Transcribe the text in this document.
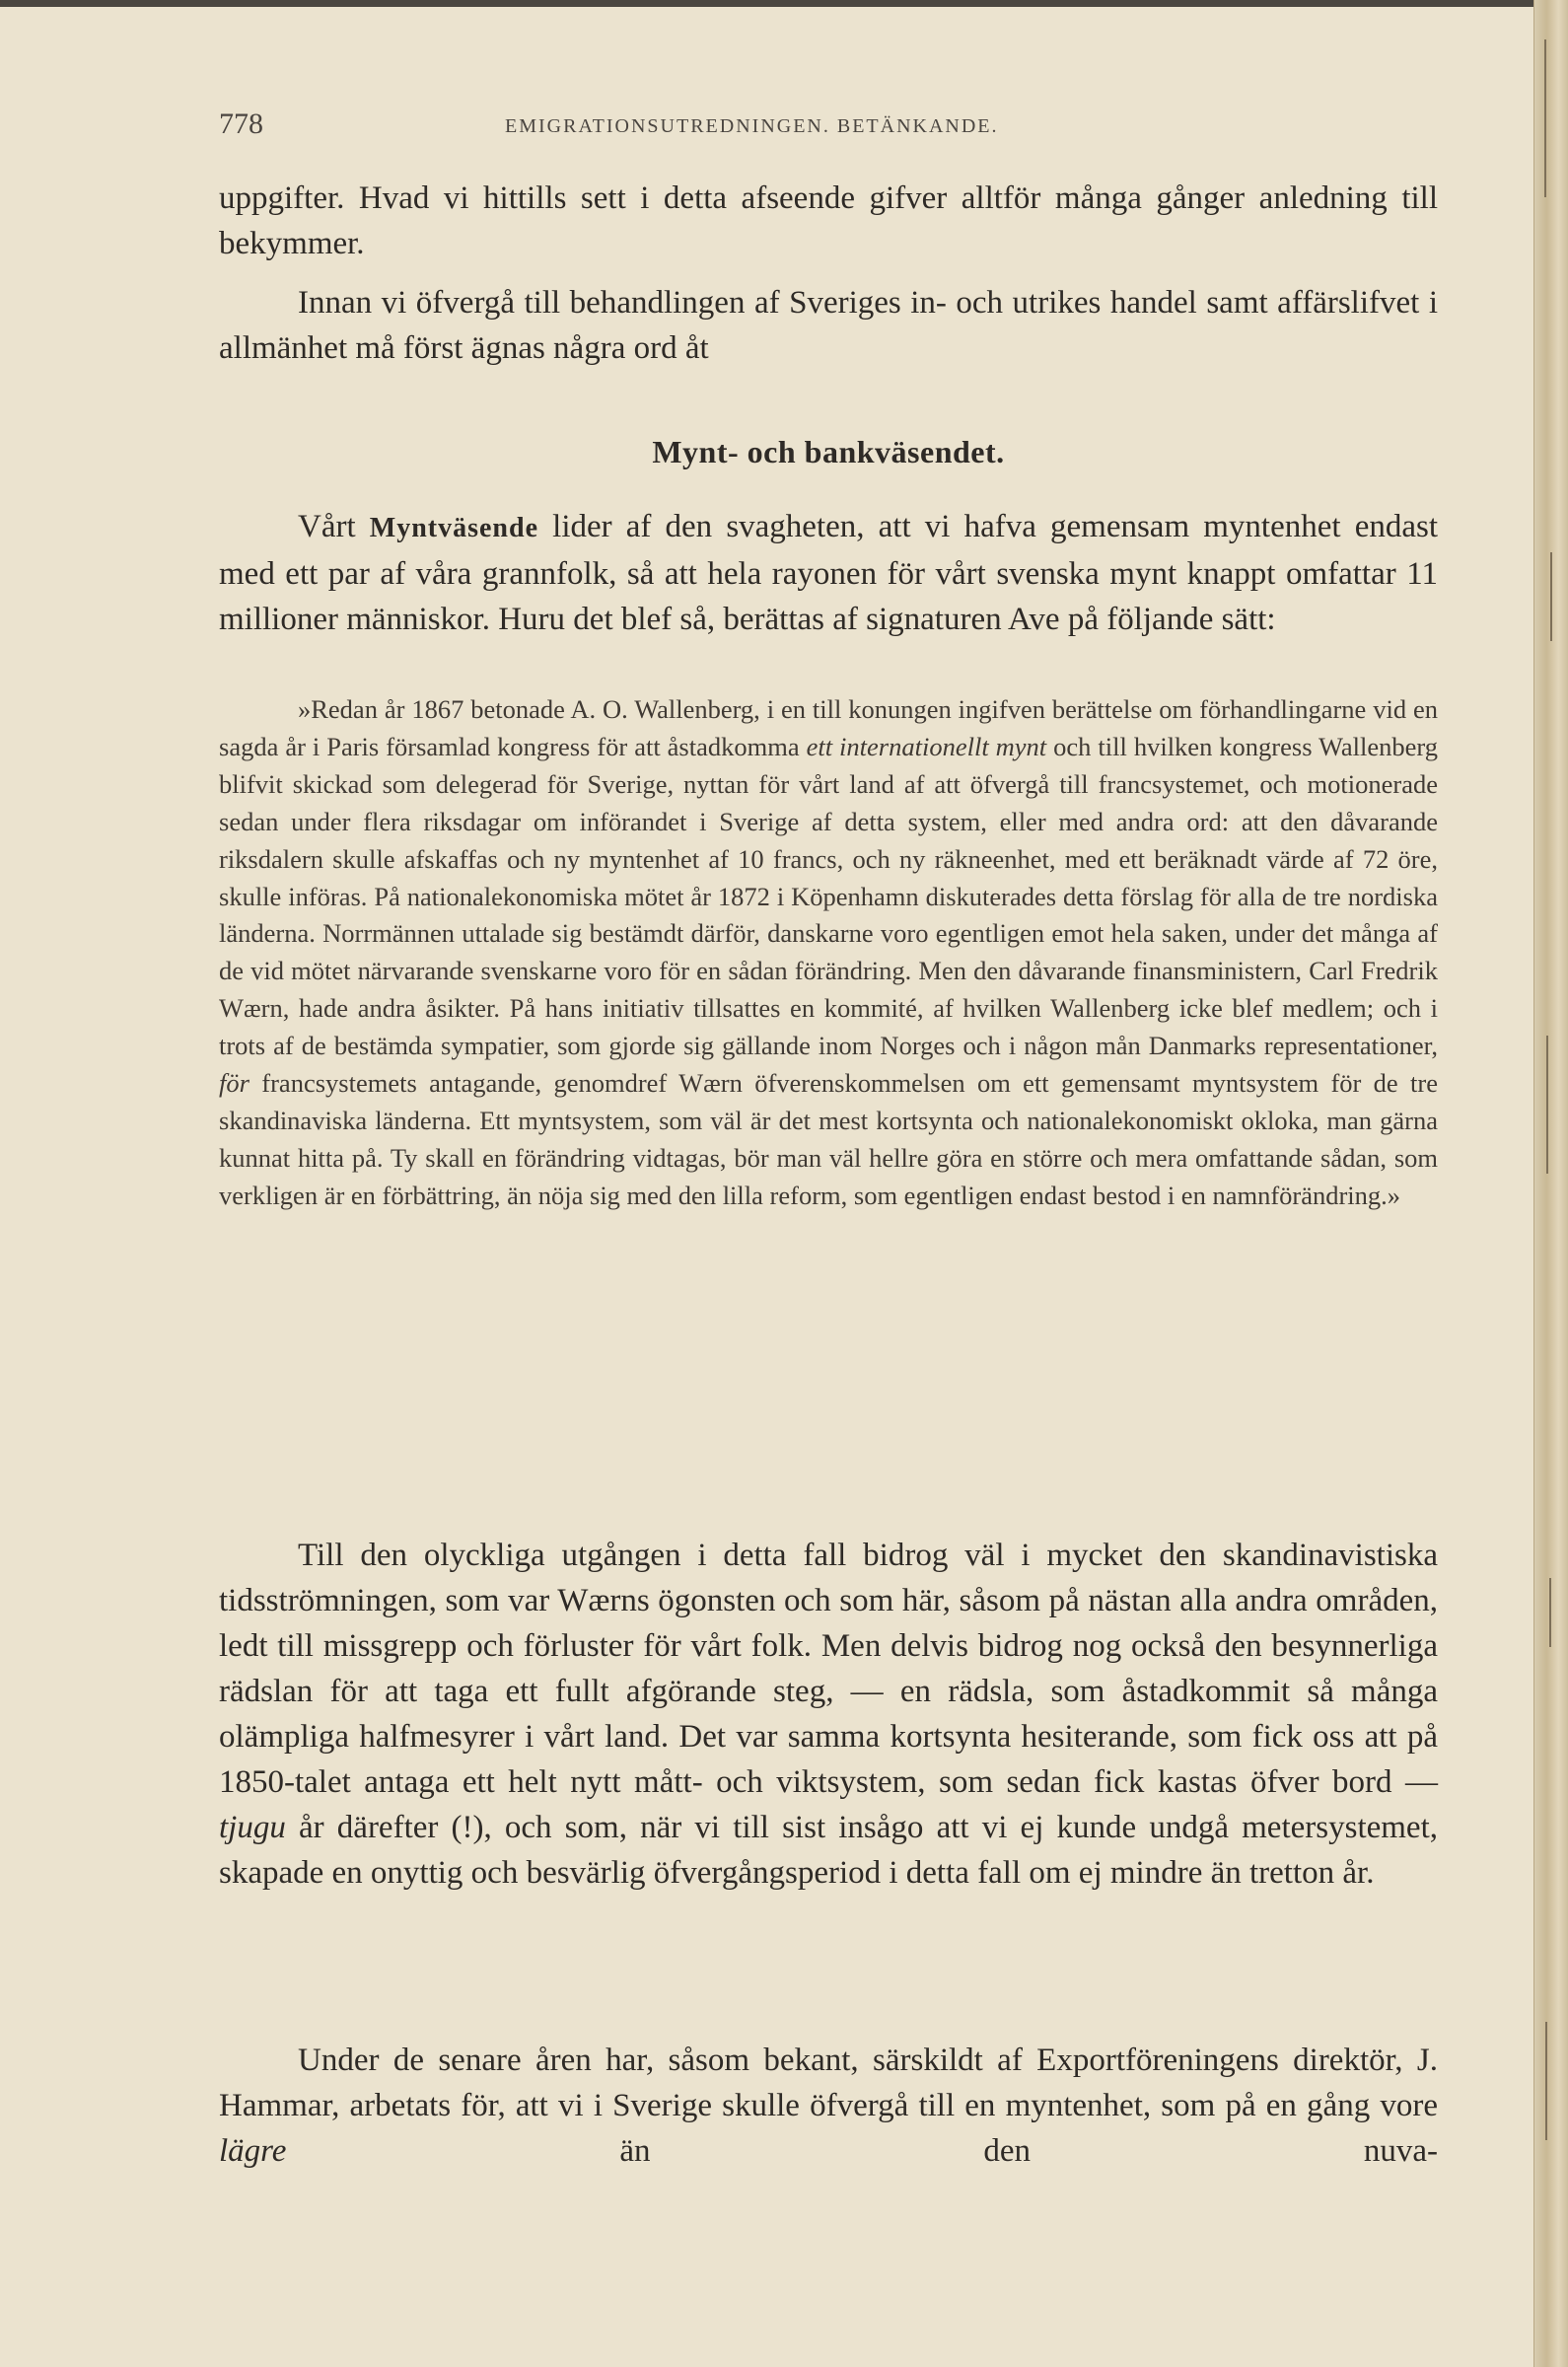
778	EMIGRATIONSUTREDNINGEN. BETÄNKANDE.

uppgifter. Hvad vi hittills sett i detta afseende gifver alltför många gånger anledning till bekymmer.

Innan vi öfvergå till behandlingen af Sveriges in- och utrikes handel samt affärslifvet i allmänhet må först ägnas några ord åt

Mynt- och bankväsendet.

Vårt Myntväsende lider af den svagheten, att vi hafva gemensam myntenhet endast med ett par af våra grannfolk, så att hela rayonen för vårt svenska mynt knappt omfattar 11 millioner människor. Huru det blef så, berättas af signaturen Ave på följande sätt:

»Redan år 1867 betonade A. O. Wallenberg, i en till konungen ingifven berättelse om förhandlingarne vid en sagda år i Paris församlad kongress för att åstadkomma ett internationellt mynt och till hvilken kongress Wallenberg blifvit skickad som delegerad för Sverige, nyttan för vårt land af att öfvergå till francsystemet, och motionerade sedan under flera riksdagar om införandet i Sverige af detta system, eller med andra ord: att den dåvarande riksdalern skulle afskaffas och ny myntenhet af 10 francs, och ny räkneenhet, med ett beräknadt värde af 72 öre, skulle införas. På nationalekonomiska mötet år 1872 i Köpenhamn diskuterades detta förslag för alla de tre nordiska länderna. Norrmännen uttalade sig bestämdt därför, danskarne voro egentligen emot hela saken, under det många af de vid mötet närvarande svenskarne voro för en sådan förändring. Men den dåvarande finansministern, Carl Fredrik Wærn, hade andra åsikter. På hans initiativ tillsattes en kommité, af hvilken Wallenberg icke blef medlem; och i trots af de bestämda sympatier, som gjorde sig gällande inom Norges och i någon mån Danmarks representationer, för francsystemets antagande, genomdref Wærn öfverenskommelsen om ett gemensamt myntsystem för de tre skandinaviska länderna. Ett myntsystem, som väl är det mest kortsynta och nationalekonomiskt okloka, man gärna kunnat hitta på. Ty skall en förändring vidtagas, bör man väl hellre göra en större och mera omfattande sådan, som verkligen är en förbättring, än nöja sig med den lilla reform, som egentligen endast bestod i en namnförändring.»

Till den olyckliga utgången i detta fall bidrog väl i mycket den skandinavistiska tidsströmningen, som var Wærns ögonsten och som här, såsom på nästan alla andra områden, ledt till missgrepp och förluster för vårt folk. Men delvis bidrog nog också den besynnerliga rädslan för att taga ett fullt afgörande steg, — en rädsla, som åstadkommit så många olämpliga halfmesyrer i vårt land. Det var samma kortsynta hesiterande, som fick oss att på 1850-talet antaga ett helt nytt mått- och viktsystem, som sedan fick kastas öfver bord — tjugu år därefter (!), och som, när vi till sist insågo att vi ej kunde undgå metersystemet, skapade en onyttig och besvärlig öfvergångsperiod i detta fall om ej mindre än tretton år.

Under de senare åren har, såsom bekant, särskildt af Exportföreningens direktör, J. Hammar, arbetats för, att vi i Sverige skulle öfvergå till en myntenhet, som på en gång vore lägre än den nuva-
